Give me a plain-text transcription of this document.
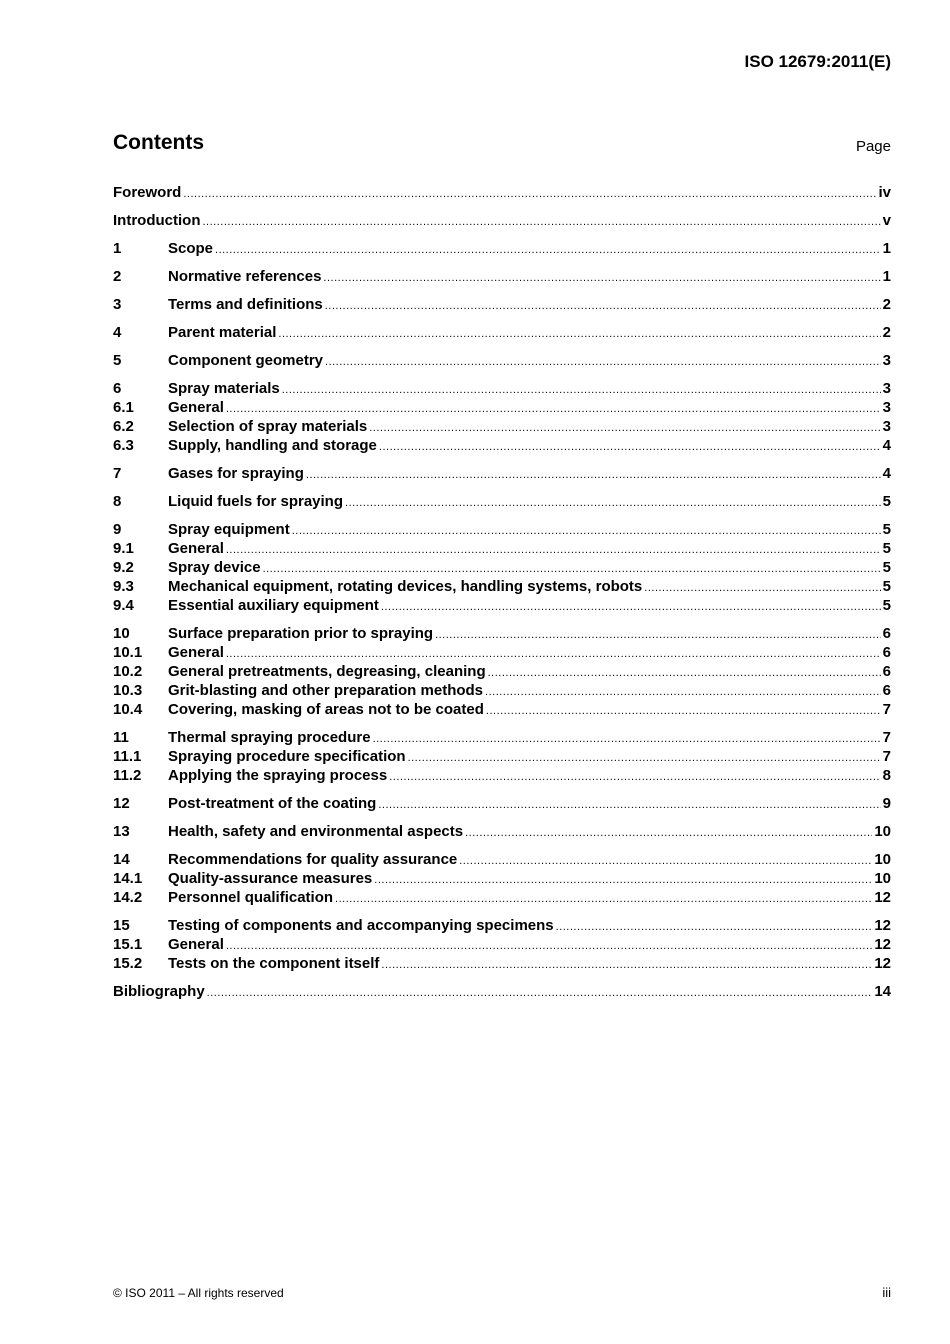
ISO 12679:2011(E)
Contents	Page
Foreword .....	iv
Introduction .....	v
1	Scope .....	1
2	Normative references .....	1
3	Terms and definitions .....	2
4	Parent material .....	2
5	Component geometry .....	3
6	Spray materials .....	3
6.1	General .....	3
6.2	Selection of spray materials .....	3
6.3	Supply, handling and storage .....	4
7	Gases for spraying .....	4
8	Liquid fuels for spraying .....	5
9	Spray equipment .....	5
9.1	General .....	5
9.2	Spray device .....	5
9.3	Mechanical equipment, rotating devices, handling systems, robots .....	5
9.4	Essential auxiliary equipment .....	5
10	Surface preparation prior to spraying .....	6
10.1	General .....	6
10.2	General pretreatments, degreasing, cleaning .....	6
10.3	Grit-blasting and other preparation methods .....	6
10.4	Covering, masking of areas not to be coated .....	7
11	Thermal spraying procedure .....	7
11.1	Spraying procedure specification .....	7
11.2	Applying the spraying process .....	8
12	Post-treatment of the coating .....	9
13	Health, safety and environmental aspects .....	10
14	Recommendations for quality assurance .....	10
14.1	Quality-assurance measures .....	10
14.2	Personnel qualification .....	12
15	Testing of components and accompanying specimens .....	12
15.1	General .....	12
15.2	Tests on the component itself .....	12
Bibliography .....	14
© ISO 2011 – All rights reserved	iii
